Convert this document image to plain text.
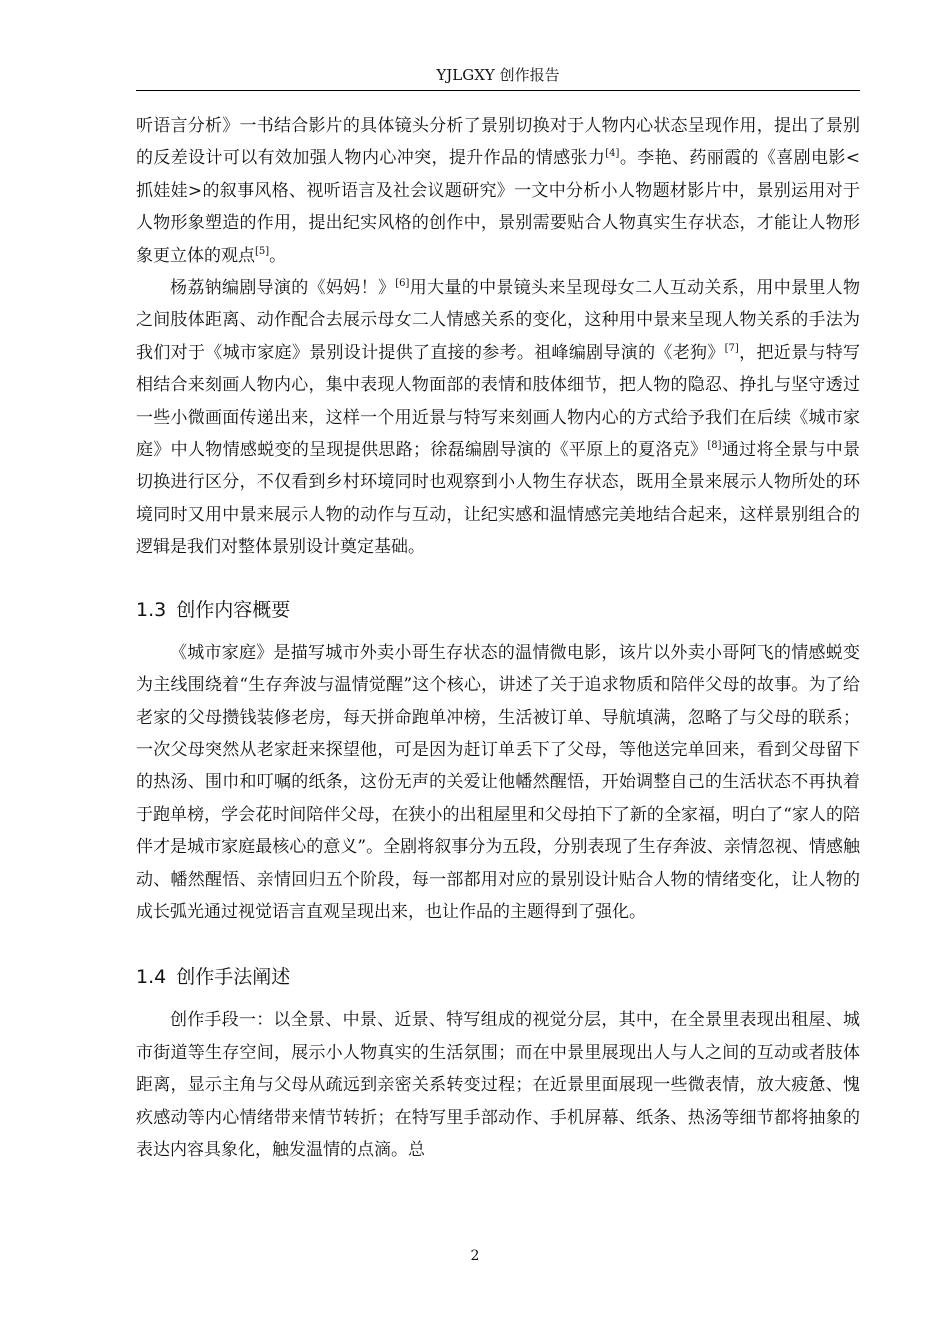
YJLGXY 创作报告

听语言分析》一书结合影片的具体镜头分析了景别切换对于人物内心状态呈现作用，提出了景别的反差设计可以有效加强人物内心冲突，提升作品的情感张力[4]。李艳、药丽霞的《喜剧电影<抓娃娃>的叙事风格、视听语言及社会议题研究》一文中分析小人物题材影片中，景别运用对于人物形象塑造的作用，提出纪实风格的创作中，景别需要贴合人物真实生存状态，才能让人物形象更立体的观点[5]。

杨荔钠编剧导演的《妈妈！》[6]用大量的中景镜头来呈现母女二人互动关系，用中景里人物之间肢体距离、动作配合去展示母女二人情感关系的变化，这种用中景来呈现人物关系的手法为我们对于《城市家庭》景别设计提供了直接的参考。祖峰编剧导演的《老狗》[7]，把近景与特写相结合来刻画人物内心，集中表现人物面部的表情和肢体细节，把人物的隐忍、挣扎与坚守透过一些小微画面传递出来，这样一个用近景与特写来刻画人物内心的方式给予我们在后续《城市家庭》中人物情感蜕变的呈现提供思路；徐磊编剧导演的《平原上的夏洛克》[8]通过将全景与中景切换进行区分，不仅看到乡村环境同时也观察到小人物生存状态，既用全景来展示人物所处的环境同时又用中景来展示人物的动作与互动，让纪实感和温情感完美地结合起来，这样景别组合的逻辑是我们对整体景别设计奠定基础。

1.3 创作内容概要

《城市家庭》是描写城市外卖小哥生存状态的温情微电影，该片以外卖小哥阿飞的情感蜕变为主线围绕着“生存奔波与温情觉醒”这个核心，讲述了关于追求物质和陪伴父母的故事。为了给老家的父母攒钱装修老房，每天拼命跑单冲榜，生活被订单、导航填满，忽略了与父母的联系；一次父母突然从老家赶来探望他，可是因为赶订单丢下了父母，等他送完单回来，看到父母留下的热汤、围巾和叮嘱的纸条，这份无声的关爱让他幡然醒悟，开始调整自己的生活状态不再执着于跑单榜，学会花时间陪伴父母，在狭小的出租屋里和父母拍下了新的全家福，明白了“家人的陪伴才是城市家庭最核心的意义”。全剧将叙事分为五段，分别表现了生存奔波、亲情忽视、情感触动、幡然醒悟、亲情回归五个阶段，每一部都用对应的景别设计贴合人物的情绪变化，让人物的成长弧光通过视觉语言直观呈现出来，也让作品的主题得到了强化。

1.4 创作手法阐述

创作手段一：以全景、中景、近景、特写组成的视觉分层，其中，在全景里表现出租屋、城市街道等生存空间，展示小人物真实的生活氛围；而在中景里展现出人与人之间的互动或者肢体距离，显示主角与父母从疏远到亲密关系转变过程；在近景里面展现一些微表情，放大疲惫、愧疚感动等内心情绪带来情节转折；在特写里手部动作、手机屏幕、纸条、热汤等细节都将抽象的表达内容具象化，触发温情的点滴。总

2
